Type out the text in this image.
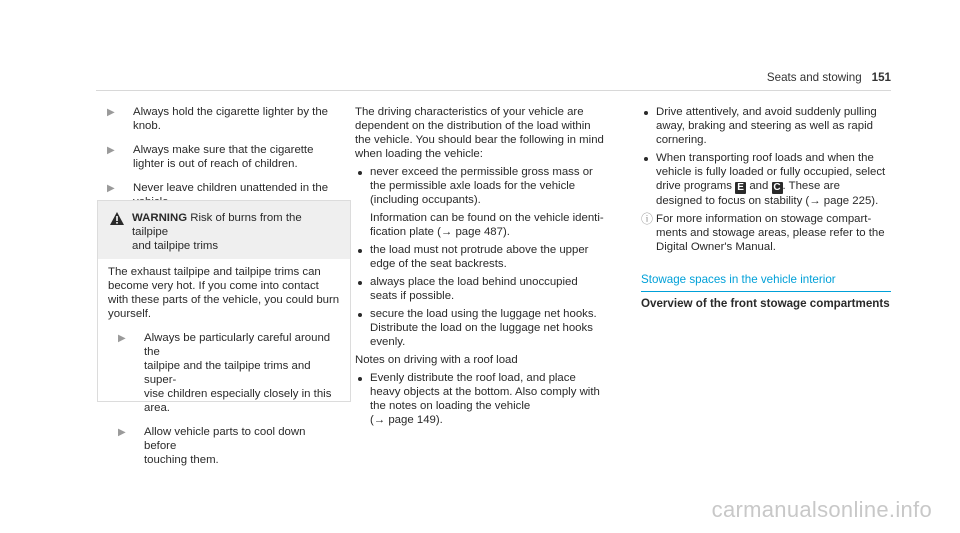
Seats and stowing 151
▶ Always hold the cigarette lighter by the
knob.
▶ Always make sure that the cigarette
lighter is out of reach of children.
▶ Never leave children unattended in the
WARNING Risk of burns from the tailpipe
and tailpipe trims

The exhaust tailpipe and tailpipe trims can
become very hot. If you come into contact
with these parts of the vehicle, you could burn
yourself.

▶ Always be particularly careful around the
tailpipe and the tailpipe trims and super-
vise children especially closely in this
area.
▶ Allow vehicle parts to cool down before
touching them.

The driving characteristics of your vehicle are
dependent on the distribution of the load within
the vehicle. You should bear the following in mind
when loading the vehicle:

never exceed the permissible gross mass or
the permissible axle loads for the vehicle
(including occupants).
Information can be found on the vehicle identi-
fication plate (→ page 487).
the load must not protrude above the upper
edge of the seat backrests.
always place the load behind unoccupied
seats if possible.
secure the load using the luggage net hooks.
Distribute the load on the luggage net hooks
evenly.

Notes on driving with a roof load

Evenly distribute the roof load, and place
heavy objects at the bottom. Also comply with
the notes on loading the vehicle
(→ page 149).
Drive attentively, and avoid suddenly pulling
away, braking and steering as well as rapid
cornering.
When transporting roof loads and when the
vehicle is fully loaded or fully occupied, select
drive programs E and C . These are
designed to focus on stability (→ page 225).
ⓘ For more information on stowage compart-
ments and stowage areas, please refer to the
Digital Owner's Manual.
Stowage spaces in the vehicle interior
Overview of the front stowage compartments
carmanualsonline.info
